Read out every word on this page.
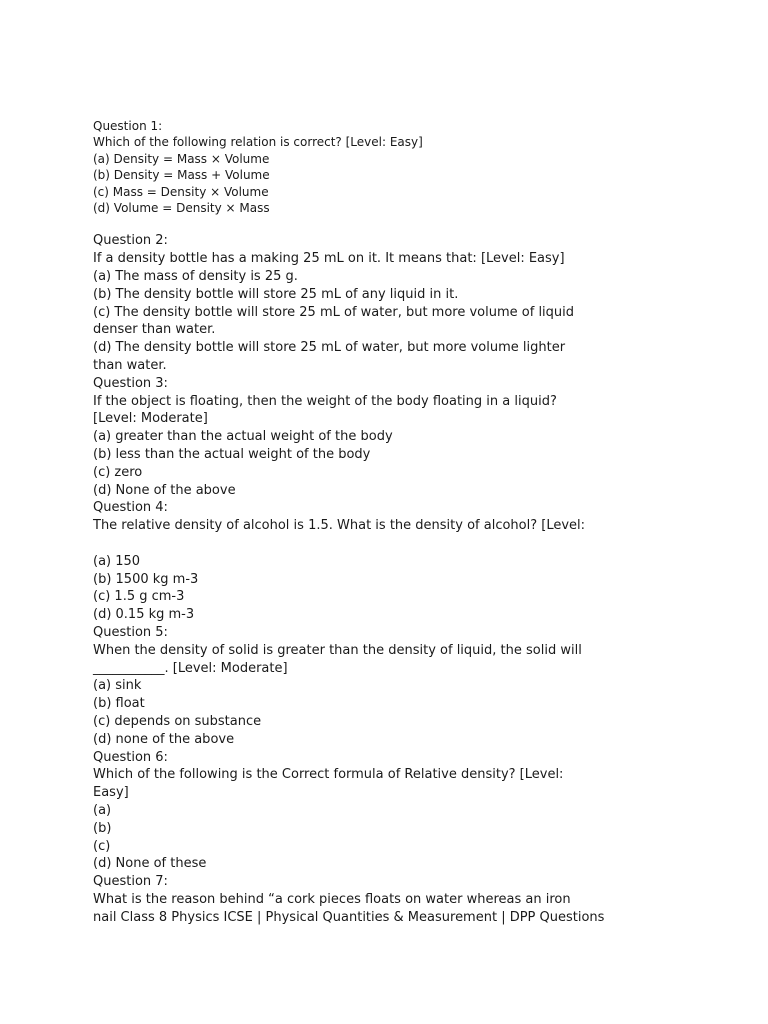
Question 1:

Which of the following relation is correct? [Level: Easy]

(a) Density = Mass × Volume

(b) Density = Mass + Volume

(c) Mass = Density × Volume

(d) Volume = Density × Mass

Question 2:

If a density bottle has a making 25 mL on it. It means that: [Level: Easy]

(a) The mass of density is 25 g.

(b) The density bottle will store 25 mL of any liquid in it.

(c) The density bottle will store 25 mL of water, but more volume of liquid

denser than water.

(d) The density bottle will store 25 mL of water, but more volume lighter

than water.

Question 3:

If the object is floating, then the weight of the body floating in a liquid?

[Level: Moderate]

(a) greater than the actual weight of the body

(b) less than the actual weight of the body

(c) zero

(d) None of the above

Question 4:

The relative density of alcohol is 1.5. What is the density of alcohol? [Level:

(a) 150

(b) 1500 kg m-3

(c) 1.5 g cm-3

(d) 0.15 kg m-3

Question 5:

When the density of solid is greater than the density of liquid, the solid will

___________. [Level: Moderate]

(a) sink

(b) float

(c) depends on substance

(d) none of the above

Question 6:

Which of the following is the Correct formula of Relative density? [Level:

Easy]

(a)

(b)

(c)

(d) None of these

Question 7:

What is the reason behind “a cork pieces floats on water whereas an iron

nail Class 8 Physics ICSE | Physical Quantities & Measurement | DPP Questions
